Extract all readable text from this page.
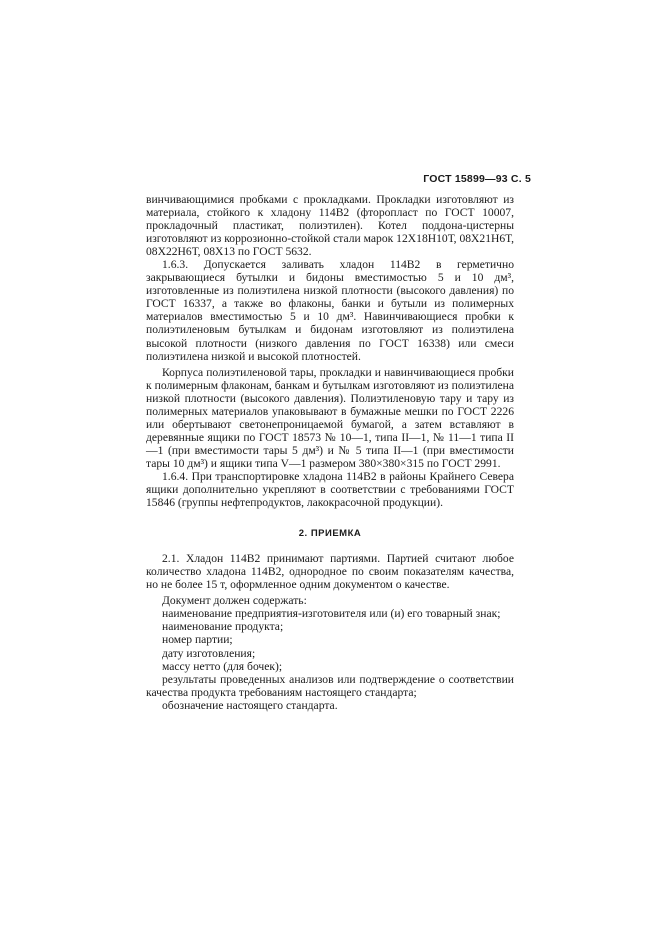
ГОСТ 15899—93 С. 5

винчивающимися пробками с прокладками. Прокладки изготовляют из материала, стойкого к хладону 114В2 (фторопласт по ГОСТ 10007, прокладочный пластикат, полиэтилен). Котел поддона-цистерны изготовляют из коррозионно-стойкой стали марок 12Х18Н10Т, 08Х21Н6Т, 08Х22Н6Т, 08Х13 по ГОСТ 5632.

1.6.3. Допускается заливать хладон 114В2 в герметично закрывающиеся бутылки и бидоны вместимостью 5 и 10 дм³, изготовленные из полиэтилена низкой плотности (высокого давления) по ГОСТ 16337, а также во флаконы, банки и бутыли из полимерных материалов вместимостью 5 и 10 дм³. Навинчивающиеся пробки к полиэтиленовым бутылкам и бидонам изготовляют из полиэтилена высокой плотности (низкого давления по ГОСТ 16338) или смеси полиэтилена низкой и высокой плотностей.

Корпуса полиэтиленовой тары, прокладки и навинчивающиеся пробки к полимерным флаконам, банкам и бутылкам изготовляют из полиэтилена низкой плотности (высокого давления). Полиэтиленовую тару и тару из полимерных материалов упаковывают в бумажные мешки по ГОСТ 2226 или обертывают светонепроницаемой бумагой, а затем вставляют в деревянные ящики по ГОСТ 18573 № 10—1, типа II—1, № 11—1 типа II—1 (при вместимости тары 5 дм³) и № 5 типа II—1 (при вместимости тары 10 дм³) и ящики типа V—1 размером 380×380×315 по ГОСТ 2991.

1.6.4. При транспортировке хладона 114В2 в районы Крайнего Севера ящики дополнительно укрепляют в соответствии с требованиями ГОСТ 15846 (группы нефтепродуктов, лакокрасочной продукции).

2. ПРИЕМКА

2.1. Хладон 114В2 принимают партиями. Партией считают любое количество хладона 114В2, однородное по своим показателям качества, но не более 15 т, оформленное одним документом о качестве.

Документ должен содержать:

наименование предприятия-изготовителя или (и) его товарный знак;

наименование продукта;

номер партии;

дату изготовления;

массу нетто (для бочек);

результаты проведенных анализов или подтверждение о соответствии качества продукта требованиям настоящего стандарта;

обозначение настоящего стандарта.
